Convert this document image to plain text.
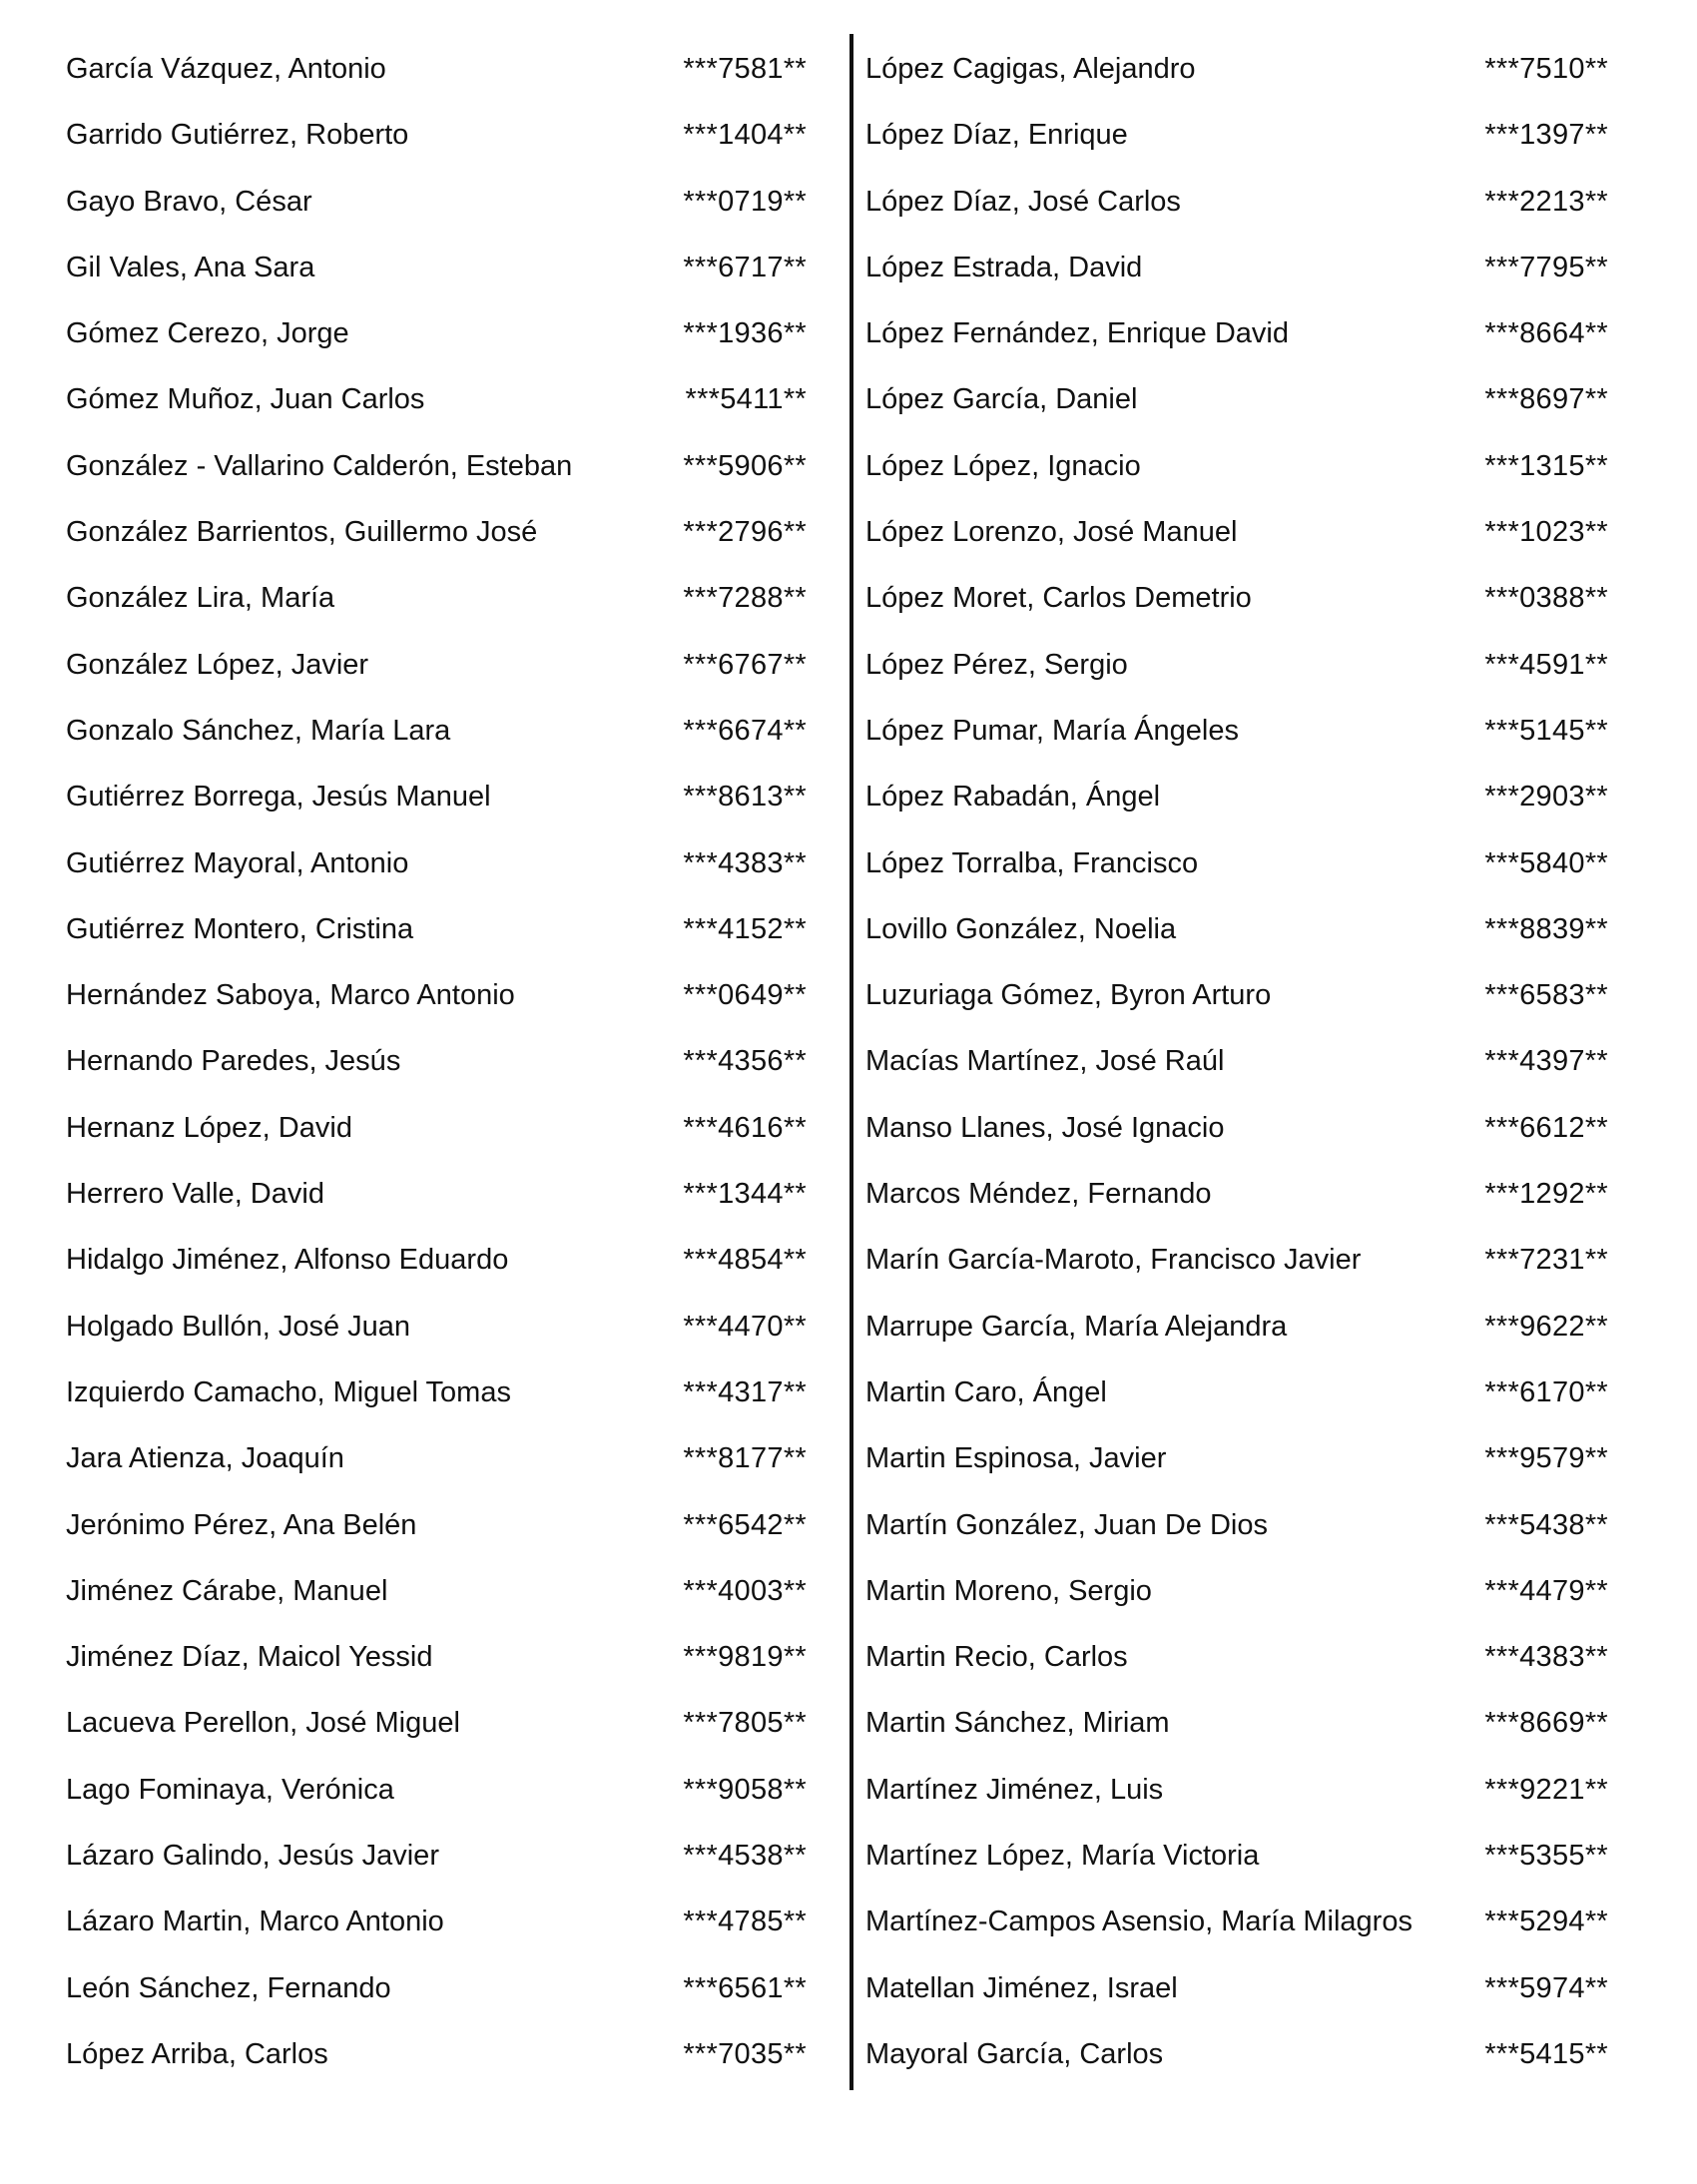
García Vázquez, Antonio	***7581**
Garrido Gutiérrez, Roberto	***1404**
Gayo Bravo, César	***0719**
Gil Vales, Ana Sara	***6717**
Gómez Cerezo, Jorge	***1936**
Gómez Muñoz, Juan Carlos	***5411**
González - Vallarino Calderón, Esteban	***5906**
González Barrientos, Guillermo José	***2796**
González Lira, María	***7288**
González López, Javier	***6767**
Gonzalo Sánchez, María Lara	***6674**
Gutiérrez Borrega, Jesús Manuel	***8613**
Gutiérrez Mayoral, Antonio	***4383**
Gutiérrez Montero, Cristina	***4152**
Hernández Saboya, Marco Antonio	***0649**
Hernando Paredes, Jesús	***4356**
Hernanz López, David	***4616**
Herrero Valle, David	***1344**
Hidalgo Jiménez, Alfonso Eduardo	***4854**
Holgado Bullón, José Juan	***4470**
Izquierdo Camacho, Miguel Tomas	***4317**
Jara Atienza, Joaquín	***8177**
Jerónimo Pérez, Ana Belén	***6542**
Jiménez Cárabe, Manuel	***4003**
Jiménez Díaz, Maicol Yessid	***9819**
Lacueva Perellon, José Miguel	***7805**
Lago Fominaya, Verónica	***9058**
Lázaro Galindo, Jesús Javier	***4538**
Lázaro Martin, Marco Antonio	***4785**
León Sánchez, Fernando	***6561**
López Arriba, Carlos	***7035**
López Cagigas, Alejandro	***7510**
López Díaz, Enrique	***1397**
López Díaz, José Carlos	***2213**
López Estrada, David	***7795**
López Fernández, Enrique David	***8664**
López García, Daniel	***8697**
López López, Ignacio	***1315**
López Lorenzo, José Manuel	***1023**
López Moret, Carlos Demetrio	***0388**
López Pérez, Sergio	***4591**
López Pumar, María Ángeles	***5145**
López Rabadán, Ángel	***2903**
López Torralba, Francisco	***5840**
Lovillo González, Noelia	***8839**
Luzuriaga Gómez, Byron Arturo	***6583**
Macías Martínez, José Raúl	***4397**
Manso Llanes, José Ignacio	***6612**
Marcos Méndez, Fernando	***1292**
Marín García-Maroto, Francisco Javier	***7231**
Marrupe García, María Alejandra	***9622**
Martin Caro, Ángel	***6170**
Martin Espinosa, Javier	***9579**
Martín González, Juan De Dios	***5438**
Martin Moreno, Sergio	***4479**
Martin Recio, Carlos	***4383**
Martin Sánchez, Miriam	***8669**
Martínez Jiménez, Luis	***9221**
Martínez López, María Victoria	***5355**
Martínez-Campos Asensio, María Milagros ***5294**
Matellan Jiménez, Israel	***5974**
Mayoral García, Carlos	***5415**
